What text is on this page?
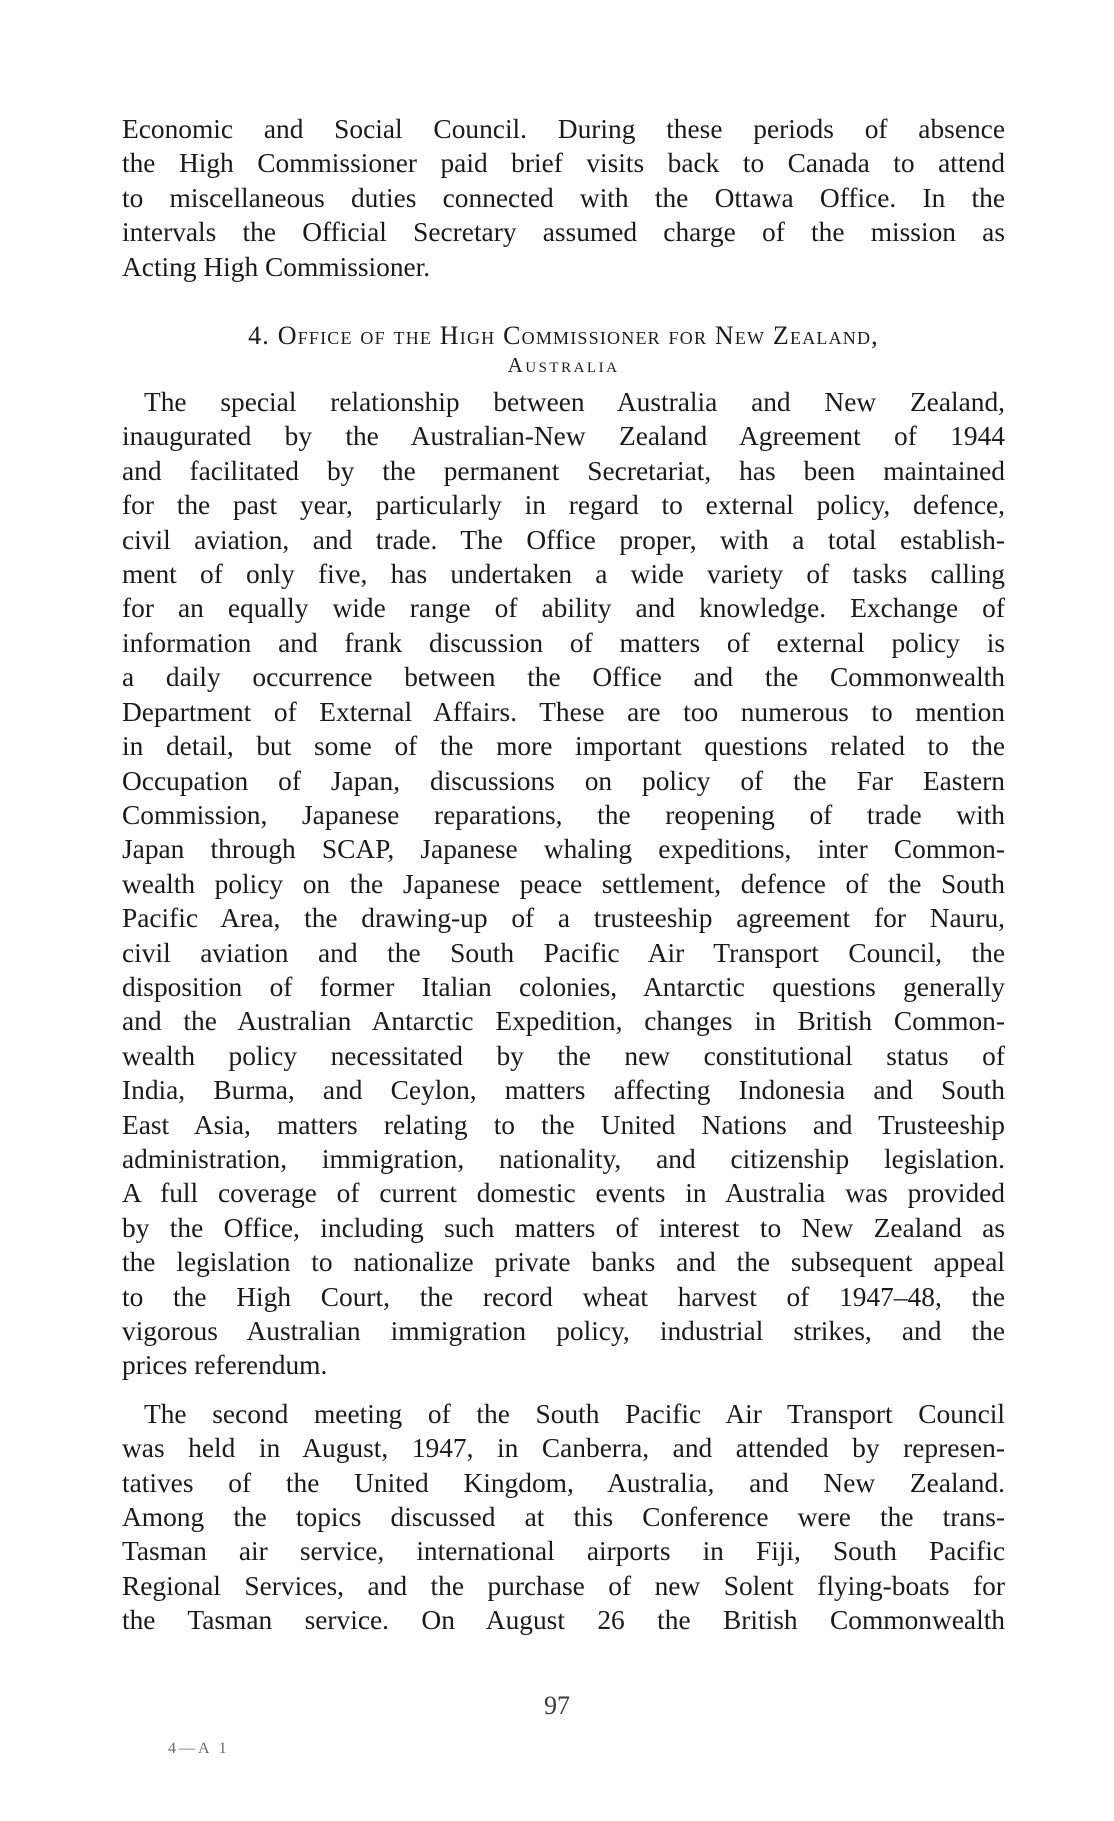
Economic and Social Council. During these periods of absence
the High Commissioner paid brief visits back to Canada to attend
to miscellaneous duties connected with the Ottawa Office. In the
intervals the Official Secretary assumed charge of the mission as
Acting High Commissioner.

4. Office of the High Commissioner for New Zealand,
Australia

The special relationship between Australia and New Zealand,
inaugurated by the Australian-New Zealand Agreement of 1944
and facilitated by the permanent Secretariat, has been maintained
for the past year, particularly in regard to external policy, defence,
civil aviation, and trade. The Office proper, with a total establish-
ment of only five, has undertaken a wide variety of tasks calling
for an equally wide range of ability and knowledge. Exchange of
information and frank discussion of matters of external policy is
a daily occurrence between the Office and the Commonwealth
Department of External Affairs. These are too numerous to mention
in detail, but some of the more important questions related to the
Occupation of Japan, discussions on policy of the Far Eastern
Commission, Japanese reparations, the reopening of trade with
Japan through SCAP, Japanese whaling expeditions, inter Common-
wealth policy on the Japanese peace settlement, defence of the South
Pacific Area, the drawing-up of a trusteeship agreement for Nauru,
civil aviation and the South Pacific Air Transport Council, the
disposition of former Italian colonies, Antarctic questions generally
and the Australian Antarctic Expedition, changes in British Common-
wealth policy necessitated by the new constitutional status of
India, Burma, and Ceylon, matters affecting Indonesia and South
East Asia, matters relating to the United Nations and Trusteeship
administration, immigration, nationality, and citizenship legislation.
A full coverage of current domestic events in Australia was provided
by the Office, including such matters of interest to New Zealand as
the legislation to nationalize private banks and the subsequent appeal
to the High Court, the record wheat harvest of 1947–48, the
vigorous Australian immigration policy, industrial strikes, and the
prices referendum.

The second meeting of the South Pacific Air Transport Council
was held in August, 1947, in Canberra, and attended by represen-
tatives of the United Kingdom, Australia, and New Zealand.
Among the topics discussed at this Conference were the trans-
Tasman air service, international airports in Fiji, South Pacific
Regional Services, and the purchase of new Solent flying-boats for
the Tasman service. On August 26 the British Commonwealth

97
4—A 1
